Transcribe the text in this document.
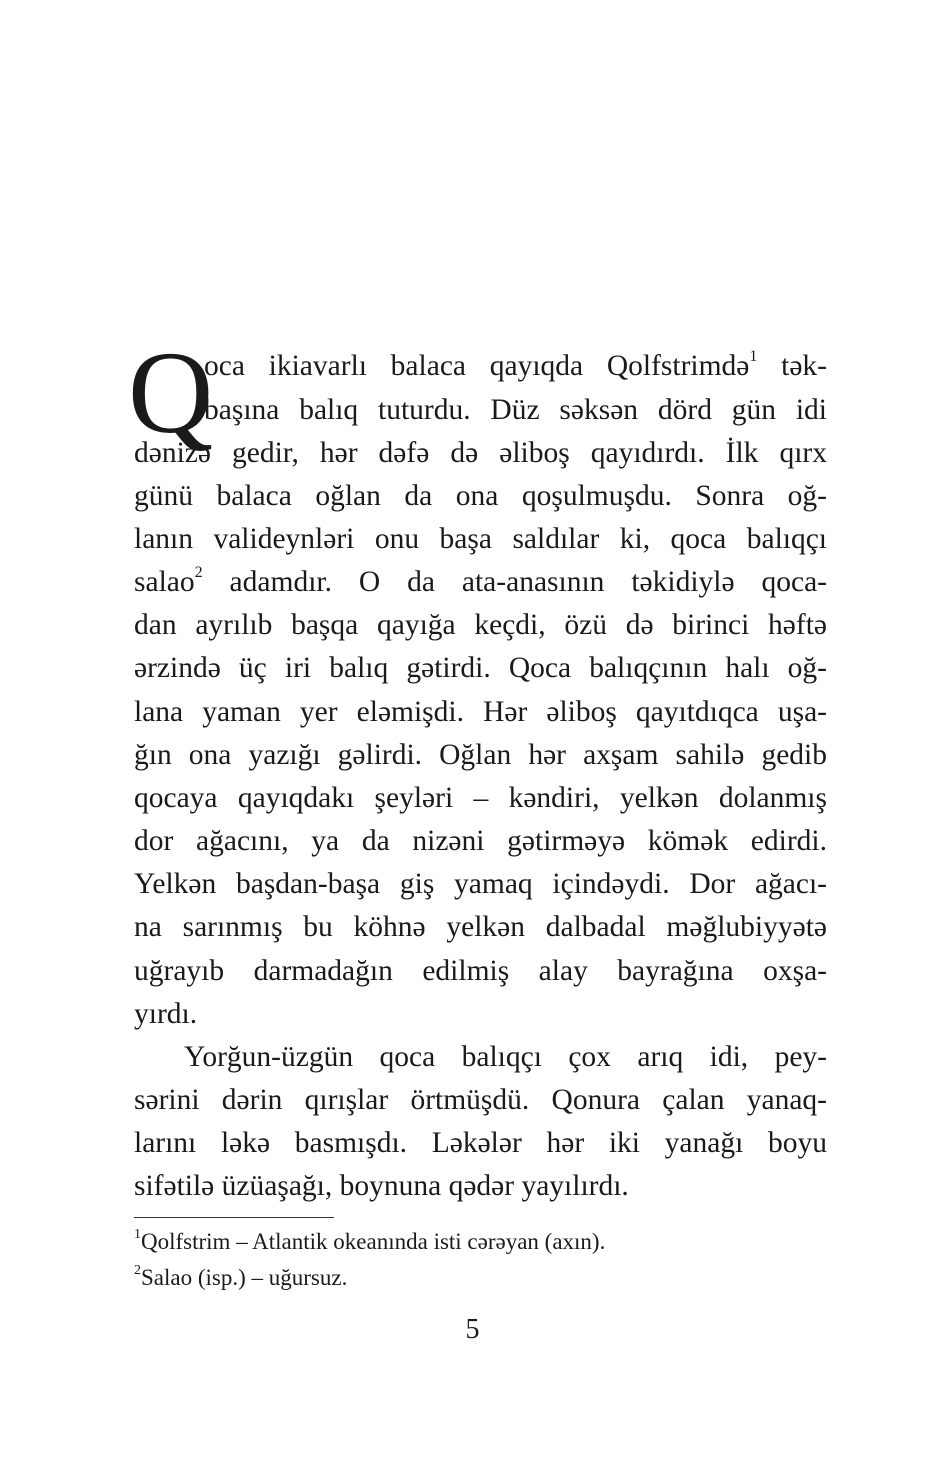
Q
oca ikiavarlı balaca qayıqda Qolfstrimdə$^1$ tək-
başına balıq tuturdu. Düz səksən dörd gün idi
dənizə gedir, hər dəfə də əliboş qayıdırdı. İlk qırx
günü balaca oğlan da ona qoşulmuşdu. Sonra oğ-
lanın valideynləri onu başa saldılar ki, qoca balıqçı
salao$^2$ adamdır. O da ata-anasının təkidiylə qoca-
dan ayrılıb başqa qayığa keçdi, özü də birinci həftə
ərzində üç iri balıq gətirdi. Qoca balıqçının halı oğ-
lana yaman yer eləmişdi. Hər əliboş qayıtdıqca uşa-
ğın ona yazığı gəlirdi. Oğlan hər axşam sahilə gedib
qocaya qayıqdakı şeyləri – kəndiri, yelkən dolanmış
dor ağacını, ya da nizəni gətirməyə kömək edirdi.
Yelkən başdan-başa giş yamaq içindəydi. Dor ağacı-
na sarınmış bu köhnə yelkən dalbadal məğlubiyyətə
uğrayıb darmadağın edilmiş alay bayrağına oxşa-
yırdı.
Yorğun-üzgün qoca balıqçı çox arıq idi, pey-
sərini dərin qırışlar örtmüşdü. Qonura çalan yanaq-
larını ləkə basmışdı. Ləkələr hər iki yanağı boyu
sifətilə üzüaşağı, boynuna qədər yayılırdı.
$^1$Qolfstrim – Atlantik okeanında isti cərəyan (axın).
$^2$Salao (isp.) – uğursuz.
5
